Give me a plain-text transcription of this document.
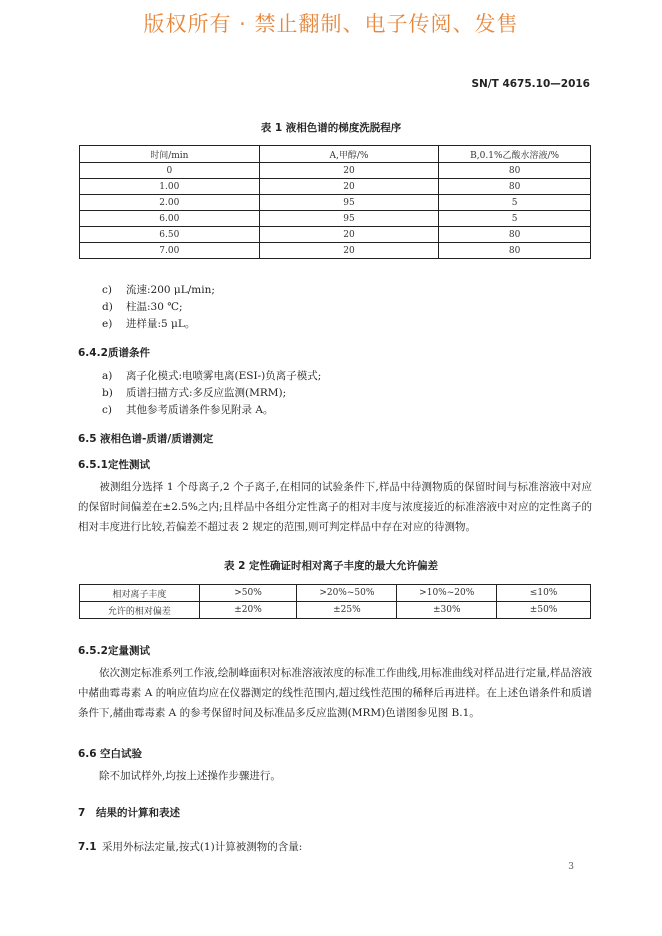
版权所有 · 禁止翻制、电子传阅、发售
SN/T 4675.10—2016
表 1 液相色谱的梯度洗脱程序
时间/min	A,甲醇/%	B,0.1%乙酸水溶液/%
0	20	80
1.00	20	80
2.00	95	5
6.00	95	5
6.50	20	80
7.00	20	80
c) 流速:200 μL/min;
d) 柱温:30 ℃;
e) 进样量:5 μL。
6.4.2质谱条件
a) 离子化模式:电喷雾电离(ESI-)负离子模式;
b) 质谱扫描方式:多反应监测(MRM);
c) 其他参考质谱条件参见附录 A。
6.5 液相色谱-质谱/质谱测定
6.5.1定性测试
　　被测组分选择 1 个母离子,2 个子离子,在相同的试验条件下,样品中待测物质的保留时间与标准溶液中对应的保留时间偏差在±2.5%之内;且样品中各组分定性离子的相对丰度与浓度接近的标准溶液中对应的定性离子的相对丰度进行比较,若偏差不超过表 2 规定的范围,则可判定样品中存在对应的待测物。
表 2 定性确证时相对离子丰度的最大允许偏差
相对离子丰度	>50%	>20%~50%	>10%~20%	≤10%
允许的相对偏差	±20%	±25%	±30%	±50%
6.5.2定量测试
　　依次测定标准系列工作液,绘制峰面积对标准溶液浓度的标准工作曲线,用标准曲线对样品进行定量,样品溶液中赭曲霉毒素 A 的响应值均应在仪器测定的线性范围内,超过线性范围的稀释后再进样。在上述色谱条件和质谱条件下,赭曲霉毒素 A 的参考保留时间及标准品多反应监测(MRM)色谱图参见图 B.1。
6.6 空白试验
　　除不加试样外,均按上述操作步骤进行。
7 结果的计算和表述
7.1 采用外标法定量,按式(1)计算被测物的含量:
3
